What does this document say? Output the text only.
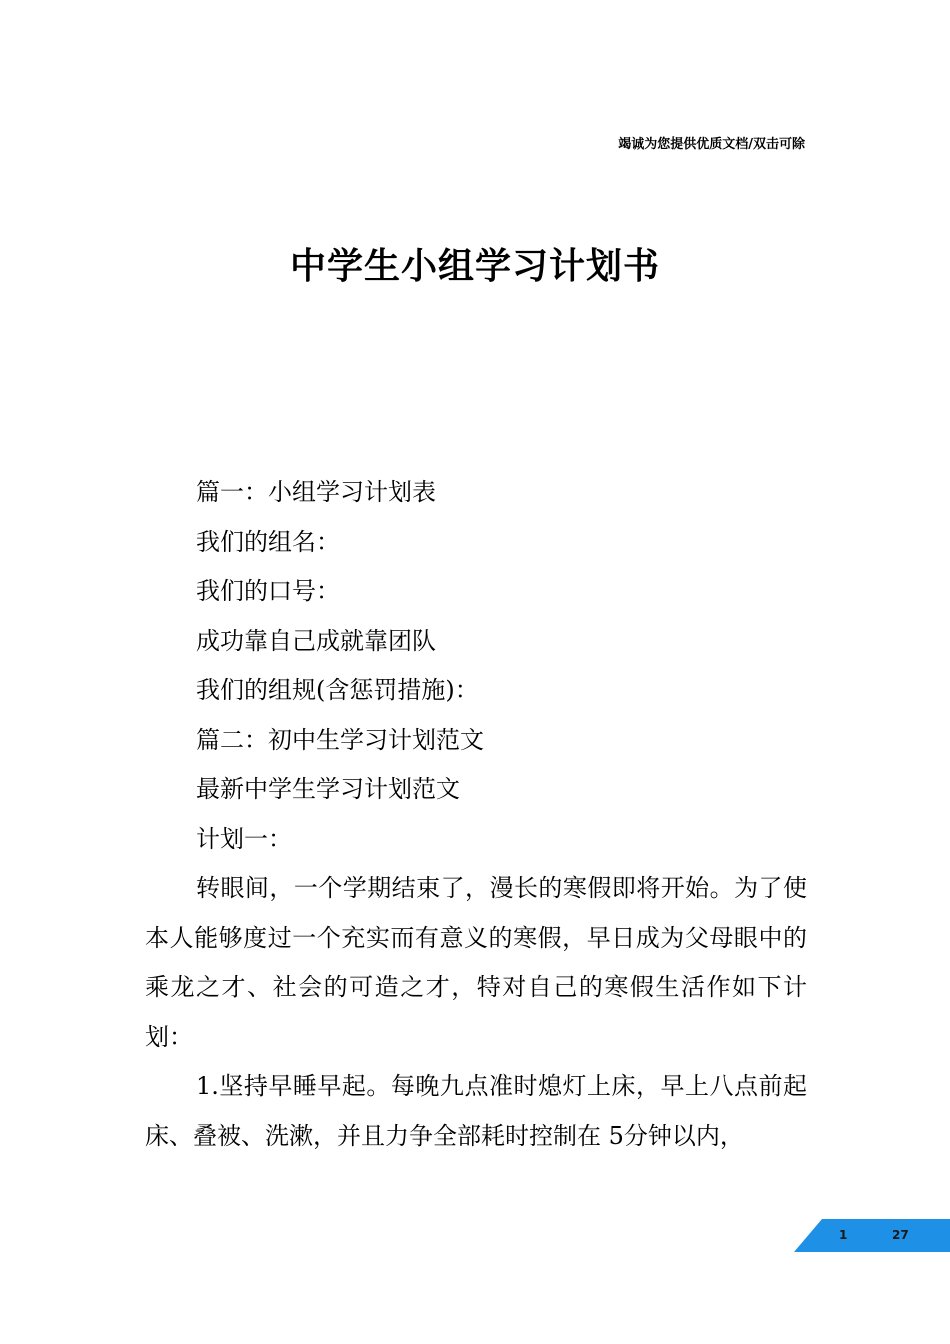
竭诚为您提供优质文档/双击可除
中学生小组学习计划书

篇一：小组学习计划表

我们的组名：

我们的口号：

成功靠自己成就靠团队

我们的组规(含惩罚措施)：

篇二：初中生学习计划范文

最新中学生学习计划范文

计划一：

转眼间，一个学期结束了，漫长的寒假即将开始。为了使本人能够度过一个充实而有意义的寒假，早日成为父母眼中的乘龙之才、社会的可造之才，特对自己的寒假生活作如下计划：

1.坚持早睡早起。每晚九点准时熄灯上床，早上八点前起床、叠被、洗漱，并且力争全部耗时控制在 5分钟以内，

1	27
